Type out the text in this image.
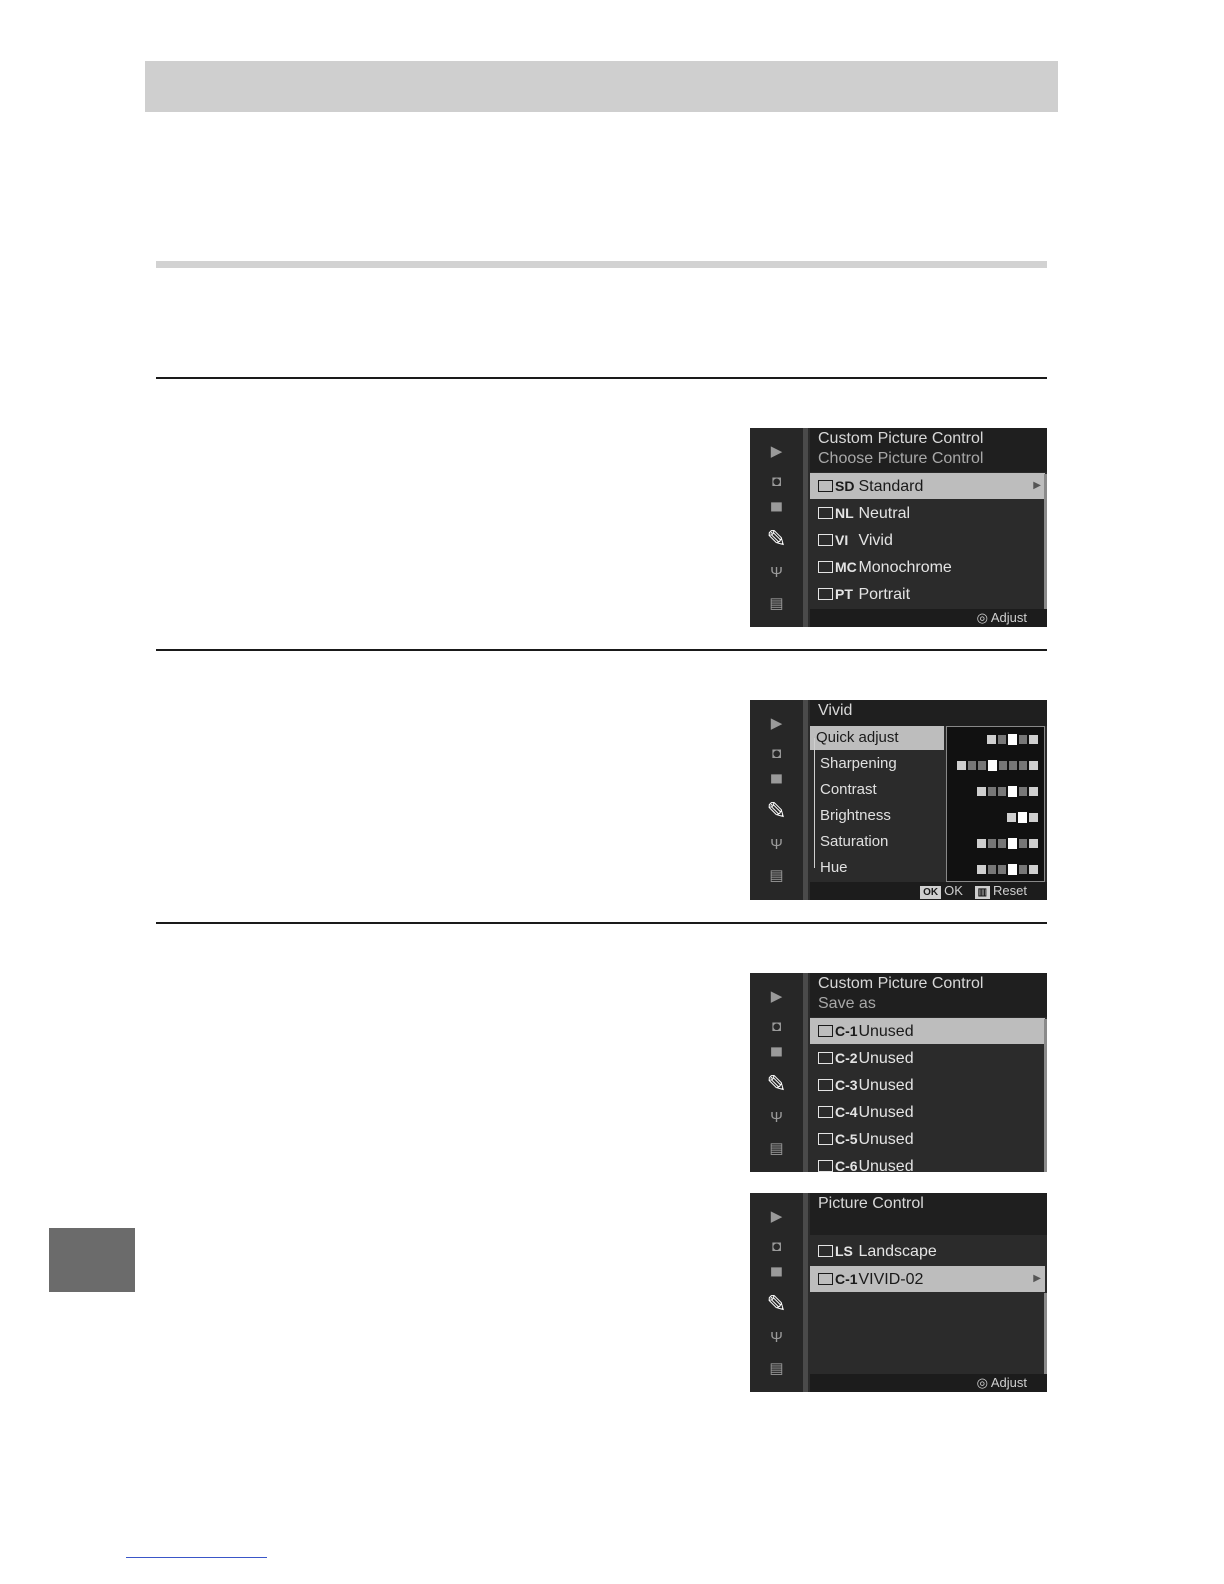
▶
◘
▀
✎
Ψ
▤
Custom Picture Control
Choose Picture Control
SD Standard	▶
NL Neutral
VI Vivid
MC Monochrome
PT Portrait
◎ Adjust
▶
◘
▀
✎
Ψ
▤
Vivid
Quick adjust
Sharpening
Contrast
Brightness
Saturation
Hue
OK OK ▥ Reset
▶
◘
▀
✎
Ψ
▤
Custom Picture Control
Save as
C-1 Unused
C-2 Unused
C-3 Unused
C-4 Unused
C-5 Unused
C-6 Unused
▶
◘
▀
✎
Ψ
▤
Picture Control
LS Landscape
C-1 VIVID-02	▶
◎ Adjust
